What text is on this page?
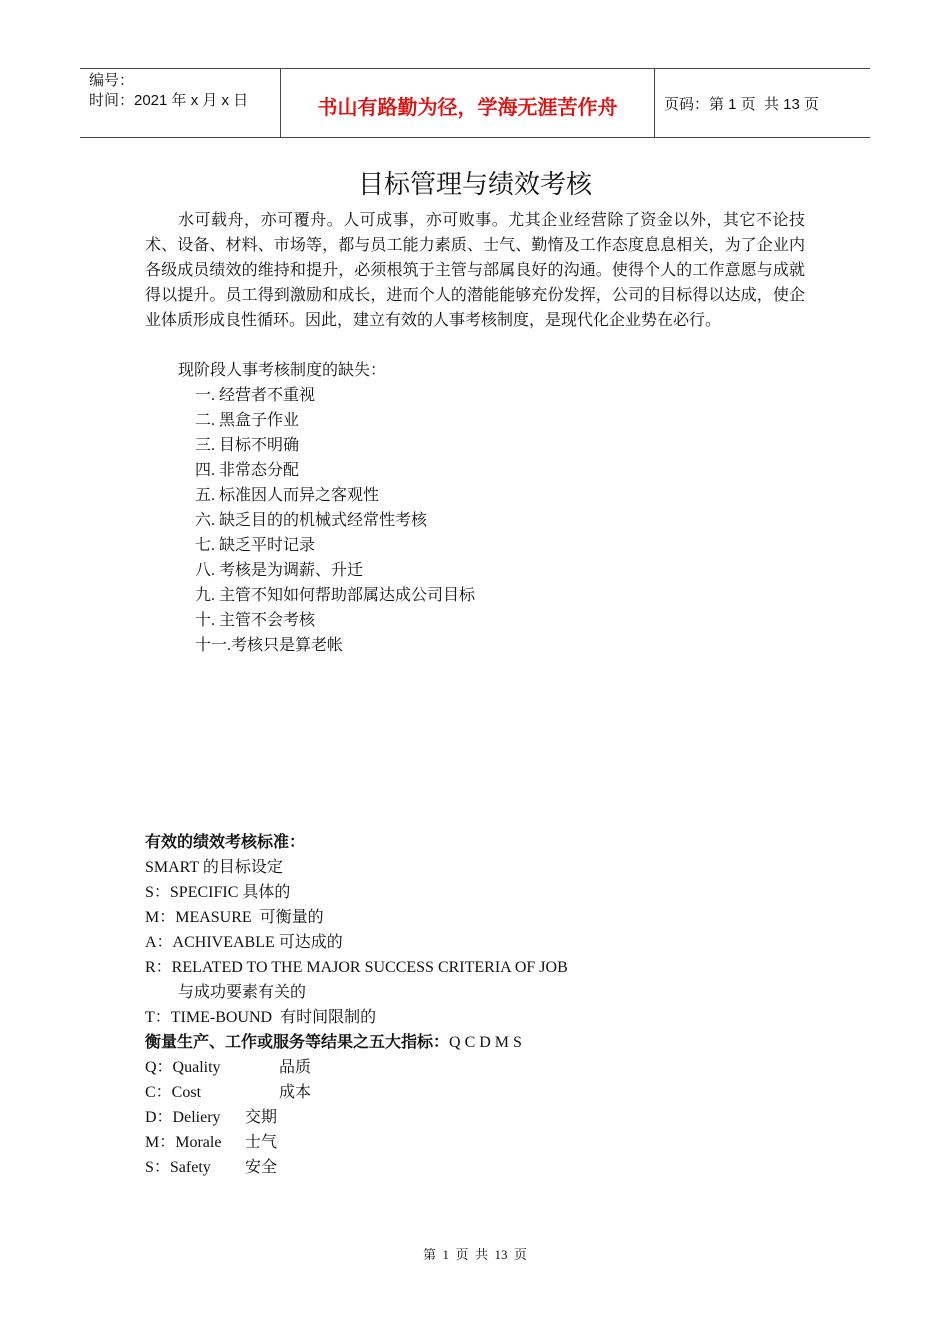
编号：
时间：2021 年 x 月 x 日	书山有路勤为径，学海无涯苦作舟	页码：第 1 页  共 13 页
目标管理与绩效考核
水可载舟，亦可覆舟。人可成事，亦可败事。尤其企业经营除了资金以外，其它不论技术、设备、材料、市场等，都与员工能力素质、士气、勤惰及工作态度息息相关，为了企业内各级成员绩效的维持和提升，必须根筑于主管与部属良好的沟通。使得个人的工作意愿与成就得以提升。员工得到激励和成长，进而个人的潜能能够充份发挥，公司的目标得以达成，使企业体质形成良性循环。因此，建立有效的人事考核制度，是现代化企业势在必行。
现阶段人事考核制度的缺失：
一. 经营者不重视
二. 黑盒子作业
三. 目标不明确
四. 非常态分配
五. 标准因人而异之客观性
六. 缺乏目的的机械式经常性考核
七. 缺乏平时记录
八. 考核是为调薪、升迁
九. 主管不知如何帮助部属达成公司目标
十. 主管不会考核
十一.考核只是算老帐
有效的绩效考核标准：
SMART 的目标设定
S：SPECIFIC 具体的
M：MEASURE  可衡量的
A：ACHIVEABLE 可达成的
R：RELATED TO THE MAJOR SUCCESS CRITERIA OF JOB
与成功要素有关的
T：TIME-BOUND  有时间限制的
衡量生产、工作或服务等结果之五大指标：Q C D M S
Q：Quality	品质
C：Cost	成本
D：Deliery 交期
M：Morale 士气
S：Safety 安全
第  1  页  共  13  页
